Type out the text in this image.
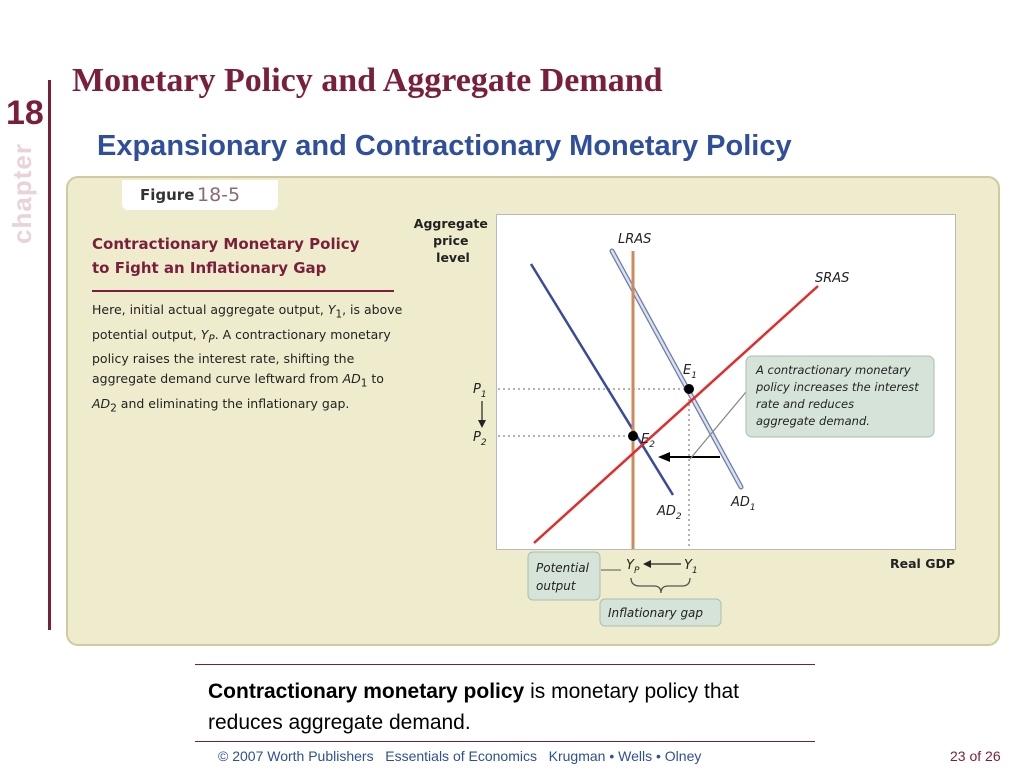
18
chapter
Monetary Policy and Aggregate Demand
Expansionary and Contractionary Monetary Policy
Figure 18-5
Contractionary Monetary Policy
to Fight an Inflationary Gap
Here, initial actual aggregate output, $Y_1$, is above potential output, $Y_P$. A contractionary monetary policy raises the interest rate, shifting the aggregate demand curve leftward from $AD_1$ to $AD_2$ and eliminating the inflationary gap.
Aggregate price level
Real GDP
LRAS
SRAS
$AD_1$
$AD_2$
$E_1$
$E_2$
$P_1$
$P_2$
$Y_P$	$Y_1$
A contractionary monetary policy increases the interest rate and reduces aggregate demand.
Potential output
Inflationary gap
Contractionary monetary policy is monetary policy that reduces aggregate demand.
© 2007 Worth Publishers   Essentials of Economics   Krugman • Wells • Olney	23 of 26
